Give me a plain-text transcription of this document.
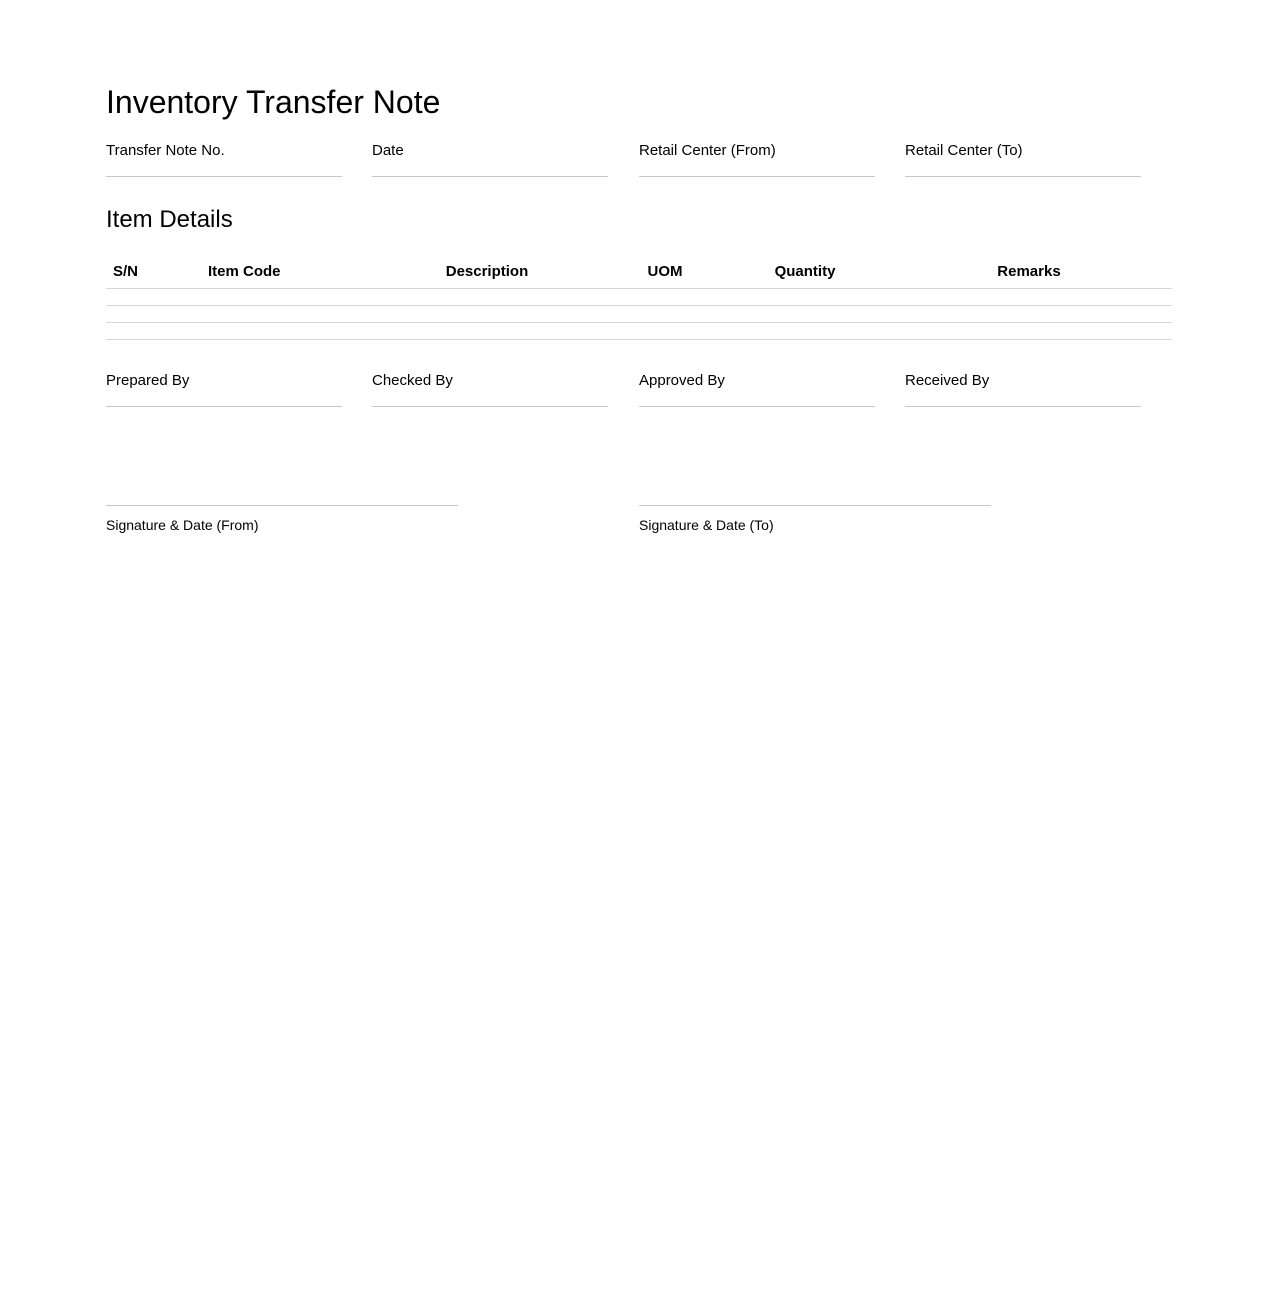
Inventory Transfer Note
Transfer Note No.	Date	Retail Center (From)	Retail Center (To)
Item Details
S/N	Item Code	Description	UOM	Quantity	Remarks

Prepared By	Checked By	Approved By	Received By
Signature & Date (From)	Signature & Date (To)
